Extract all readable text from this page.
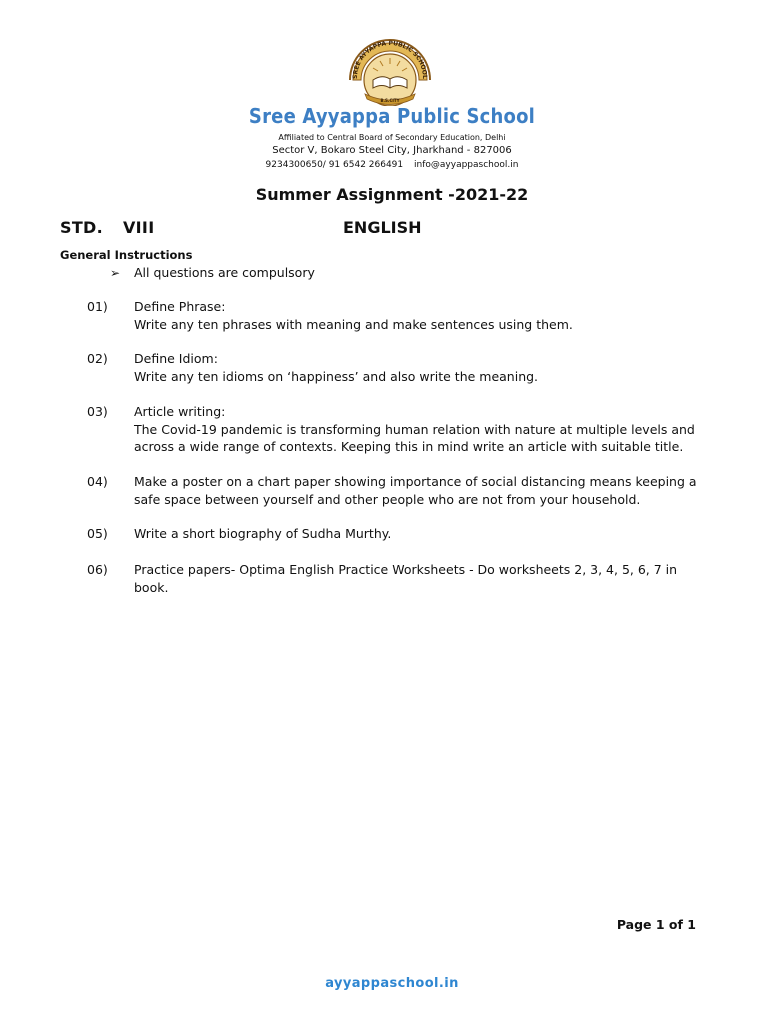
SREE AYYAPPA PUBLIC SCHOOL
B.S.CITY
Sree Ayyappa Public School
Affiliated to Central Board of Secondary Education, Delhi
Sector V, Bokaro Steel City, Jharkhand - 827006
9234300650/ 91 6542 266491 info@ayyappaschool.in
Summer Assignment -2021-22
STD. VIII	ENGLISH
General Instructions
➢ All questions are compulsory
01)	Define Phrase:
Write any ten phrases with meaning and make sentences using them.
02)	Define Idiom:
Write any ten idioms on ‘happiness’ and also write the meaning.
03)	Article writing:
The Covid-19 pandemic is transforming human relation with nature at multiple levels and
across a wide range of contexts. Keeping this in mind write an article with suitable title.
04)	Make a poster on a chart paper showing importance of social distancing means keeping a
safe space between yourself and other people who are not from your household.
05)	Write a short biography of Sudha Murthy.
06)	Practice papers- Optima English Practice Worksheets - Do worksheets 2, 3, 4, 5, 6, 7 in
book.
Page 1 of 1
ayyappaschool.in
